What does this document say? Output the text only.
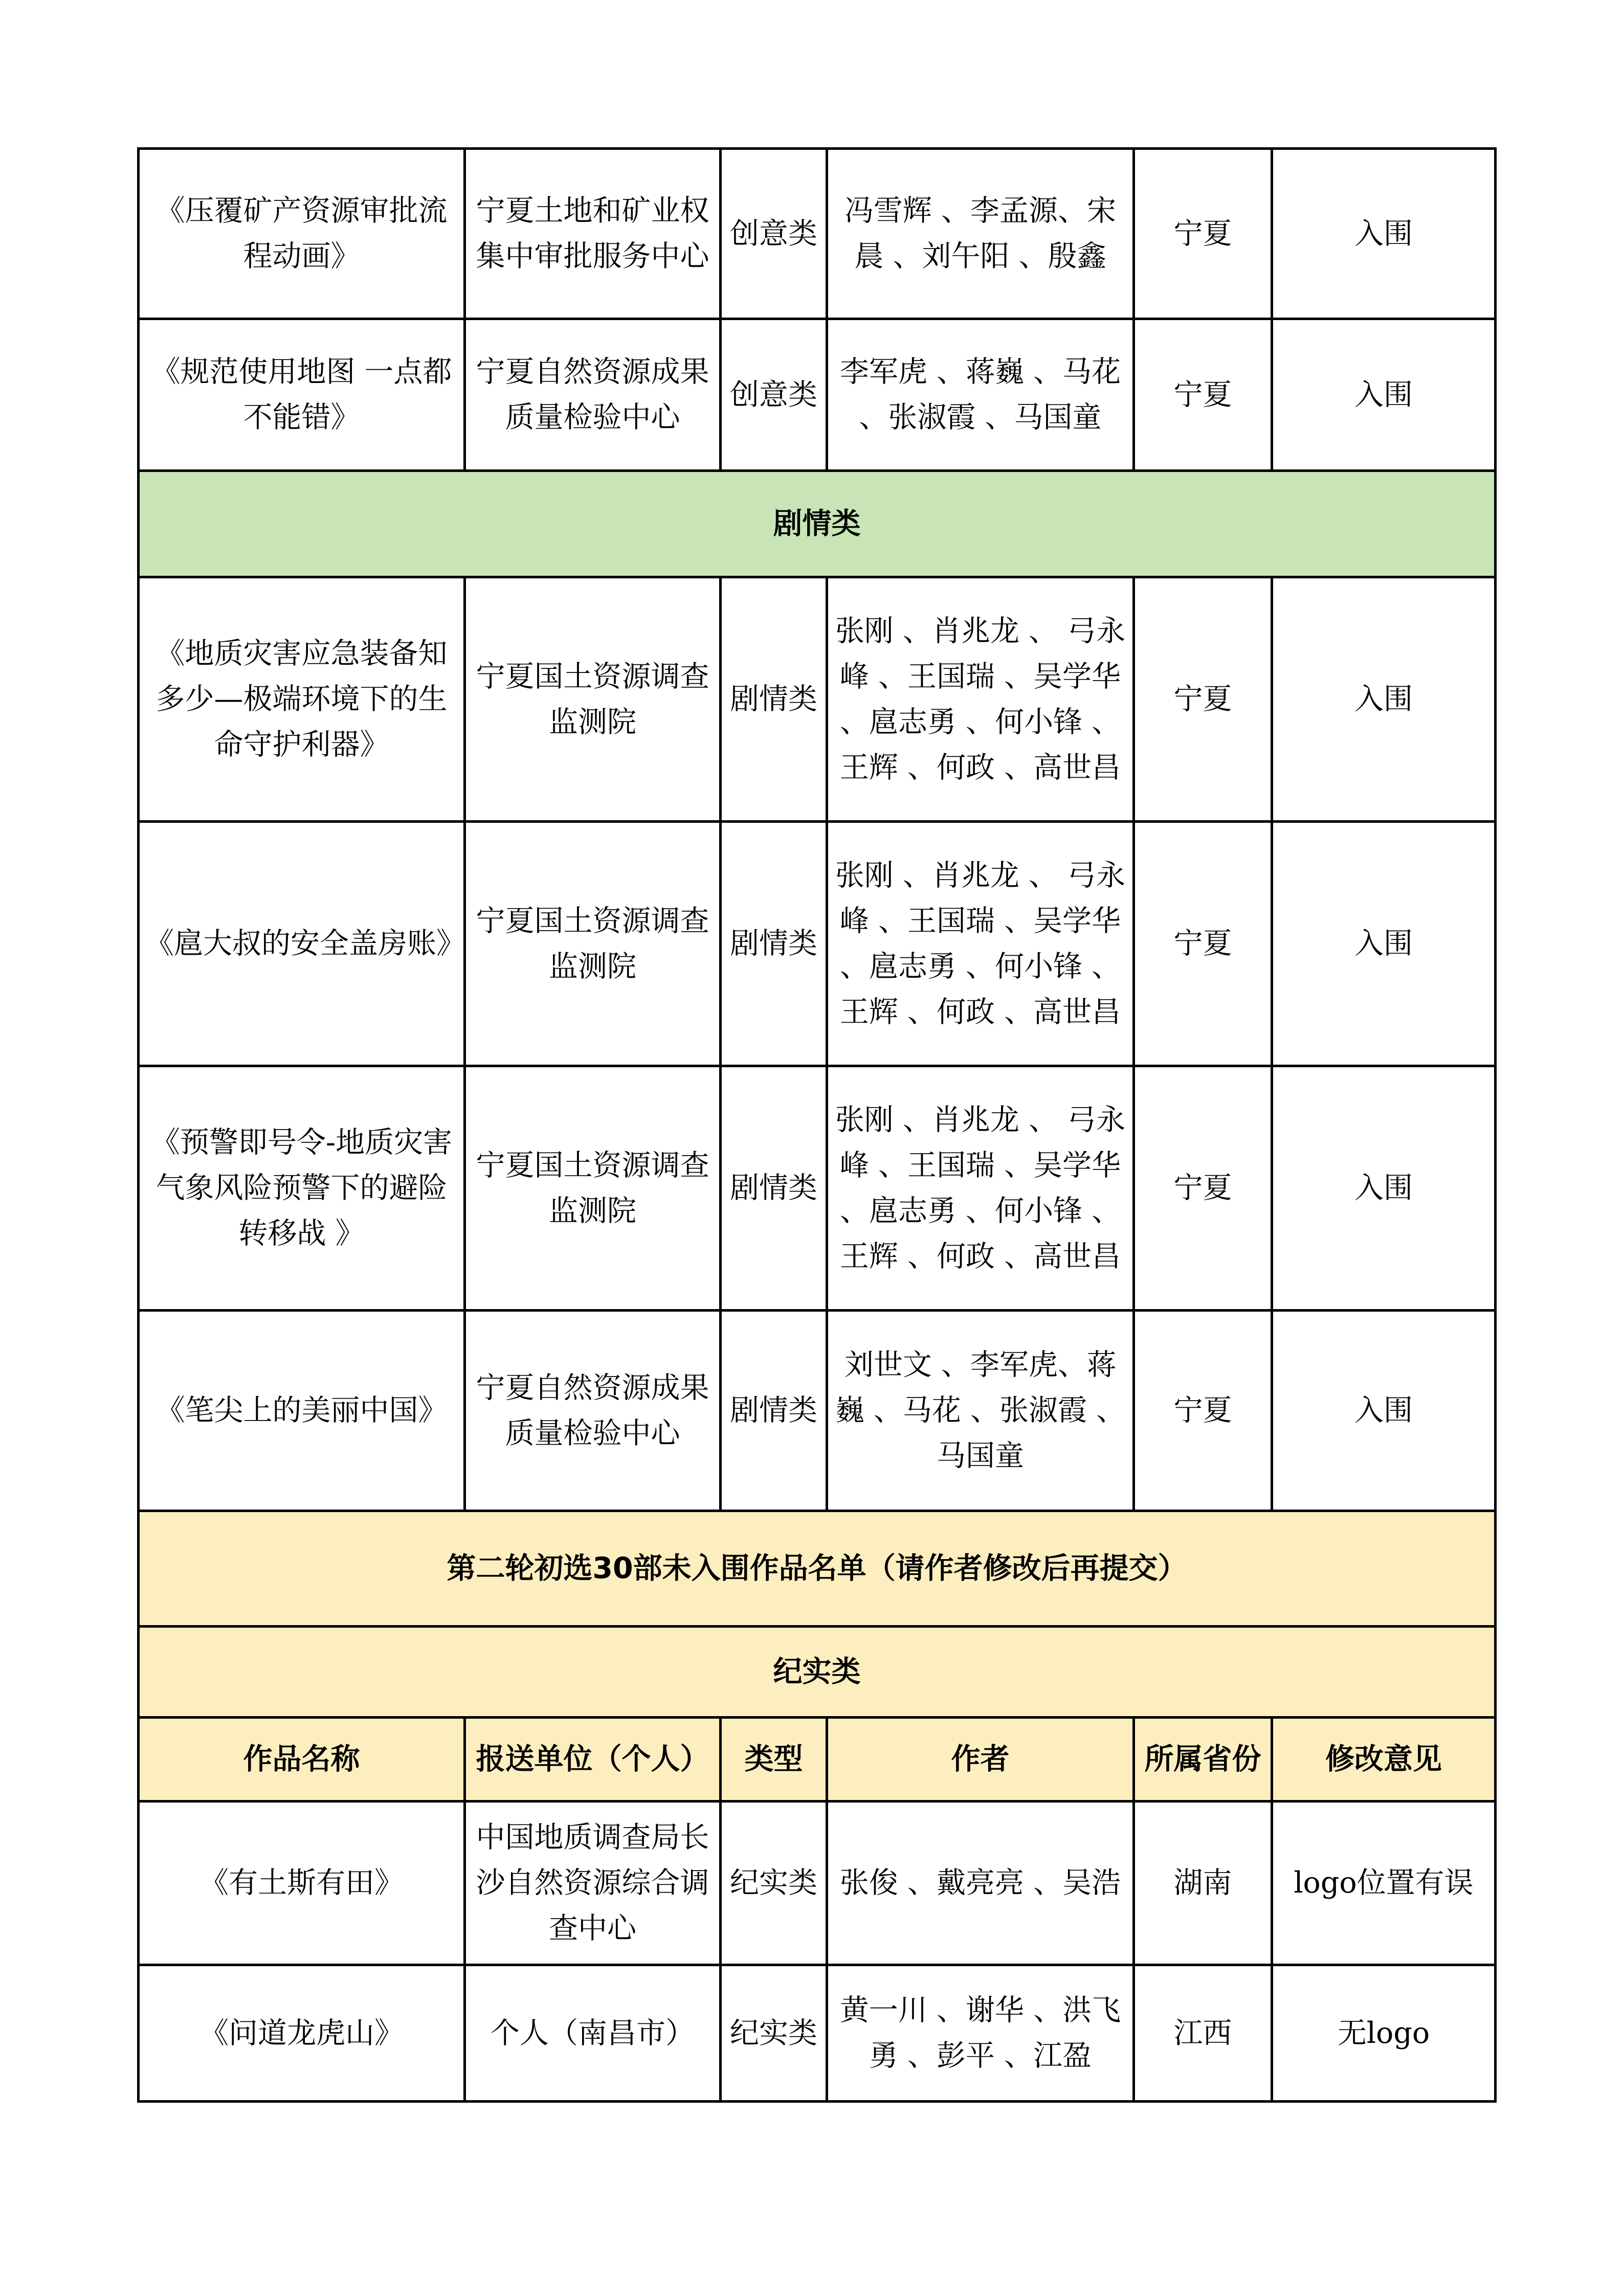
《压覆矿产资源审批流程动画》	宁夏土地和矿业权集中审批服务中心	创意类	冯雪辉 、李孟源、宋晨 、刘午阳 、殷鑫	宁夏	入围
《规范使用地图 一点都不能错》	宁夏自然资源成果质量检验中心	创意类	李军虎 、蒋巍 、马花 、张淑霞 、马国童	宁夏	入围
剧情类					
《地质灾害应急装备知多少—极端环境下的生命守护利器》	宁夏国土资源调查监测院	剧情类	张刚 、肖兆龙 、 弓永峰 、王国瑞 、吴学华 、扈志勇 、何小锋 、王辉 、何政 、高世昌	宁夏	入围
《扈大叔的安全盖房账》	宁夏国土资源调查监测院	剧情类	张刚 、肖兆龙 、 弓永峰 、王国瑞 、吴学华 、扈志勇 、何小锋 、王辉 、何政 、高世昌	宁夏	入围
《预警即号令-地质灾害气象风险预警下的避险转移战 》	宁夏国土资源调查监测院	剧情类	张刚 、肖兆龙 、 弓永峰 、王国瑞 、吴学华 、扈志勇 、何小锋 、王辉 、何政 、高世昌	宁夏	入围
《笔尖上的美丽中国》	宁夏自然资源成果质量检验中心	剧情类	刘世文 、李军虎、蒋巍 、马花 、张淑霞 、马国童	宁夏	入围
第二轮初选30部未入围作品名单（请作者修改后再提交）					
纪实类					
作品名称	报送单位（个人）	类型	作者	所属省份	修改意见
《有土斯有田》	中国地质调查局长沙自然资源综合调查中心	纪实类	张俊 、戴亮亮 、吴浩	湖南	logo位置有误
《问道龙虎山》	个人（南昌市）	纪实类	黄一川 、谢华 、洪飞勇 、彭平 、江盈	江西	无logo
